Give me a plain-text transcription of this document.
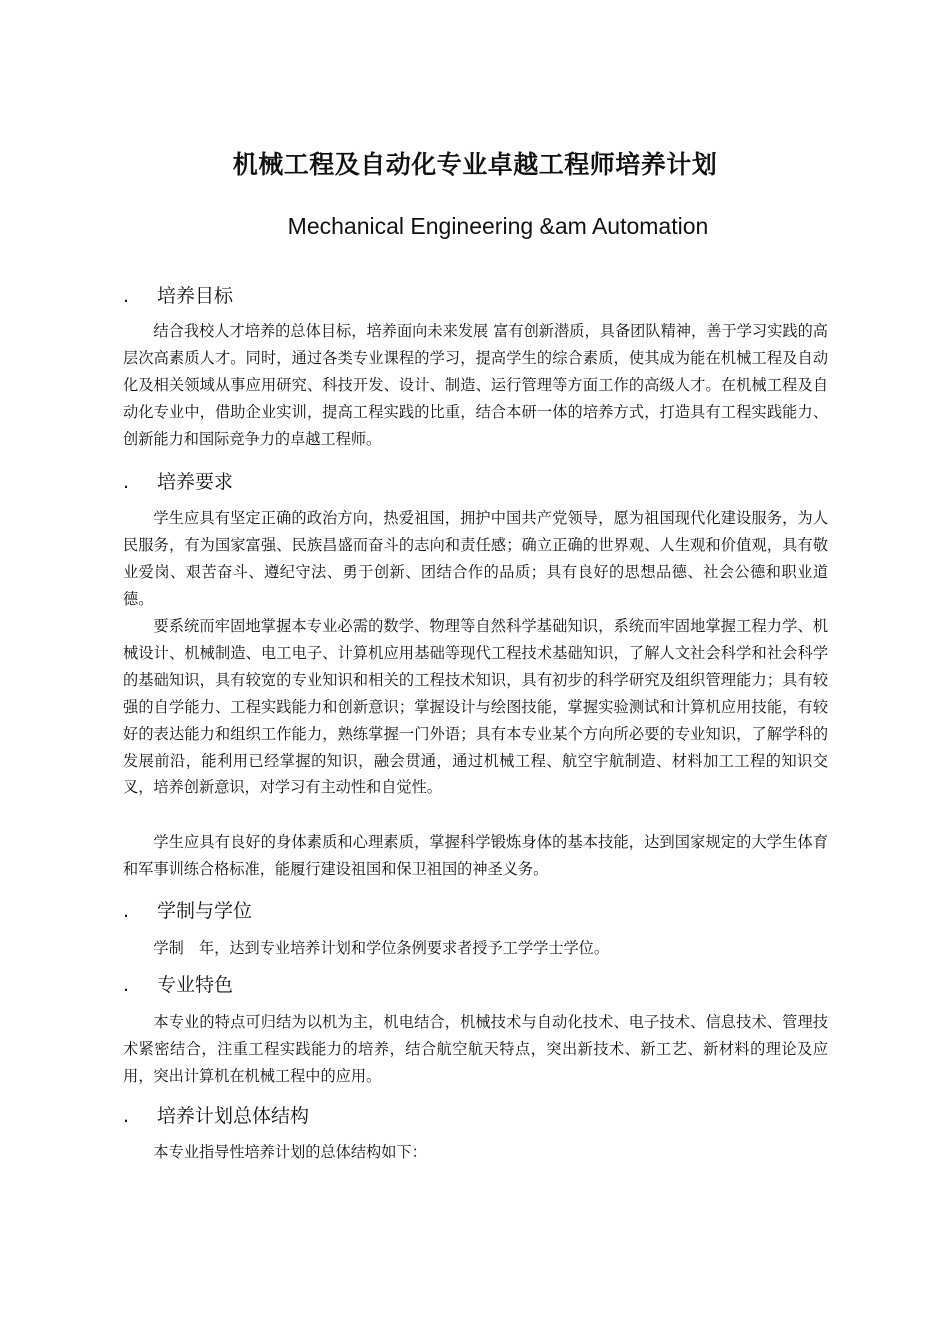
机械工程及自动化专业卓越工程师培养计划
Mechanical Engineering &am Automation
. 培养目标

结合我校人才培养的总体目标，培养面向未来发展 富有创新潜质，具备团队精神，善于学习实践的高层次高素质人才。同时，通过各类专业课程的学习，提高学生的综合素质，使其成为能在机械工程及自动化及相关领域从事应用研究、科技开发、设计、制造、运行管理等方面工作的高级人才。在机械工程及自动化专业中，借助企业实训，提高工程实践的比重，结合本研一体的培养方式，打造具有工程实践能力、创新能力和国际竞争力的卓越工程师。

. 培养要求

学生应具有坚定正确的政治方向，热爱祖国，拥护中国共产党领导，愿为祖国现代化建设服务，为人民服务，有为国家富强、民族昌盛而奋斗的志向和责任感；确立正确的世界观、人生观和价值观，具有敬业爱岗、艰苦奋斗、遵纪守法、勇于创新、团结合作的品质；具有良好的思想品德、社会公德和职业道德。

要系统而牢固地掌握本专业必需的数学、物理等自然科学基础知识，系统而牢固地掌握工程力学、机械设计、机械制造、电工电子、计算机应用基础等现代工程技术基础知识，了解人文社会科学和社会科学的基础知识，具有较宽的专业知识和相关的工程技术知识，具有初步的科学研究及组织管理能力；具有较强的自学能力、工程实践能力和创新意识；掌握设计与绘图技能，掌握实验测试和计算机应用技能，有较好的表达能力和组织工作能力，熟练掌握一门外语；具有本专业某个方向所必要的专业知识，了解学科的发展前沿，能利用已经掌握的知识，融会贯通，通过机械工程、航空宇航制造、材料加工工程的知识交叉，培养创新意识，对学习有主动性和自觉性。

学生应具有良好的身体素质和心理素质，掌握科学锻炼身体的基本技能，达到国家规定的大学生体育和军事训练合格标准，能履行建设祖国和保卫祖国的神圣义务。

. 学制与学位

学制　年，达到专业培养计划和学位条例要求者授予工学学士学位。

. 专业特色

本专业的特点可归结为以机为主，机电结合，机械技术与自动化技术、电子技术、信息技术、管理技术紧密结合，注重工程实践能力的培养，结合航空航天特点，突出新技术、新工艺、新材料的理论及应用，突出计算机在机械工程中的应用。

. 培养计划总体结构

本专业指导性培养计划的总体结构如下：
